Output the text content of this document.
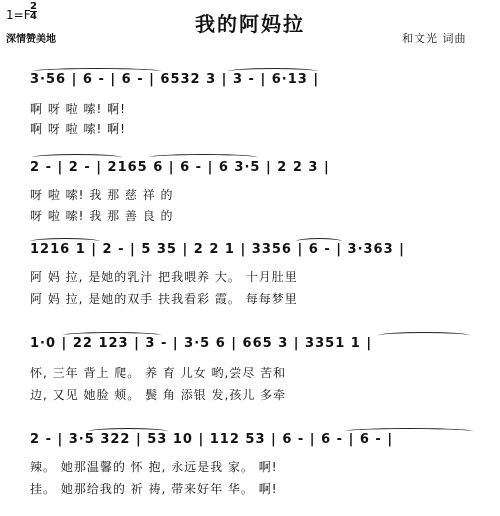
1=F
2
4
深情赞美地
我的阿妈拉
和文光 词曲
3·56 | 6 - | 6 - | 6532 3 | 3 - | 6·13 |
啊 呀 啦 嗦! 啊!
啊 呀 啦 嗦! 啊!
2 - | 2 - | 2165 6 | 6 - | 6 3·5 | 2 2 3 |
呀 啦 嗦! 我 那 慈 祥 的
呀 啦 嗦! 我 那 善 良 的
1216 1 | 2 - | 5 35 | 2 2 1 | 3356 | 6 - | 3·363 |
阿 妈 拉, 是她的乳汁 把我喂养 大。 十月肚里
阿 妈 拉, 是她的双手 扶我看彩 霞。 每每梦里
1·0 | 22 123 | 3 - | 3·5 6 | 665 3 | 3351 1 |
怀, 三年 背上 爬。 养 育 儿女 哟,尝尽 苦和
边, 又见 她脸 颊。 鬓 角 添银 发,孩儿 多牵
2 - | 3·5 322 | 53 10 | 112 53 | 6 - | 6 - | 6 - |
辣。 她那温馨的 怀 抱, 永远是我 家。 啊!
挂。 她那给我的 祈 祷, 带来好年 华。 啊!
